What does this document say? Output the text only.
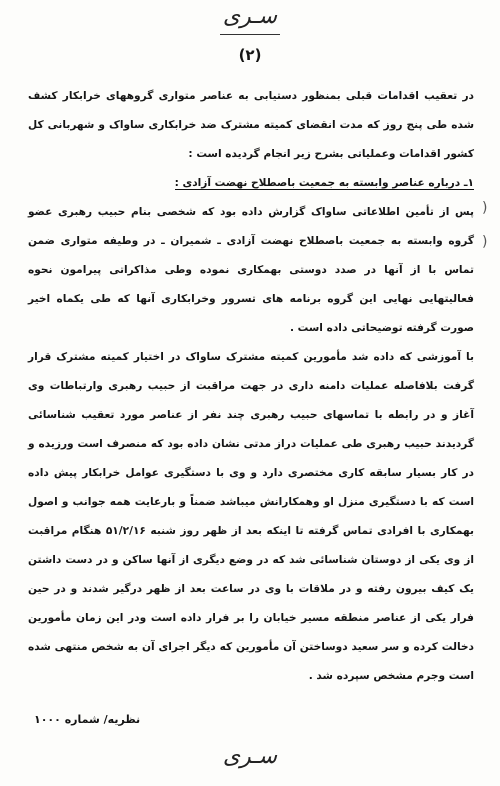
سـری
(۲)

در تعقیب اقدامات قبلی بمنظور دستیابی به عناصر متواری گروههای خرابکار کشف شده طی پنج روز که مدت انقضای کمیته مشترک ضد خرابکاری ساواک و شهربانی کل کشور اقدامات وعملیاتی بشرح زیر انجام گردیده است :

۱ـ درباره عناصر وابسته به جمعیت باصطلاح نهضت آزادی :

پس از تأمین اطلاعاتی ساواک گزارش داده بود که شخصی بنام حبیب رهبری عضو گروه وابسته به جمعیت باصطلاح نهضت آزادی ـ شمیران ـ در وطیفه متواری ضمن تماس با از آنها در صدد دوستی بهمکاری نموده وطی مذاکراتی پیرامون نحوه فعالیتهایی نهایی این گروه برنامه های تسرور وخرابکاری آنها که طی یکماه اخیر صورت گرفته توضیحاتی داده است .

با آموزشی که داده شد مأمورین کمیته مشترک ساواک در اختیار کمیته مشترک قرار گرفت بلافاصله عملیات دامنه داری در جهت مراقبت از حبیب رهبری وارتباطات وی آغاز و در رابطه با تماسهای حبیب رهبری چند نفر از عناصر مورد تعقیب شناسائی گردیدند حبیب رهبری طی عملیات دراز مدتی نشان داده بود که منصرف است ورزیده و در کار بسیار سابقه کاری مختصری دارد و وی با دستگیری عوامل خرابکار پیش داده است که با دستگیری منزل او وهمکارانش میباشد ضمناً و بارعایت همه جوانب و اصول بهمکاری با افرادی تماس گرفته تا اینکه بعد از ظهر روز شنبه ۵۱/۲/۱۶ هنگام مراقبت از وی یکی از دوستان شناسائی شد که در وضع دیگری از آنها ساکن و در دست داشتن یک کیف بیرون رفته و در ملاقات با وی در ساعت بعد از ظهر درگیر شدند و در حین فرار یکی از عناصر منطقه مسیر خیابان را بر فرار داده است ودر این زمان مأمورین دخالت کرده و سر سعید دوساختن آن مأمورین که دیگر اجرای آن به شخص منتهی شده است وجرم مشخص سپرده شد .

نظریه/ شماره ۱۰۰۰
سـری
)
)
